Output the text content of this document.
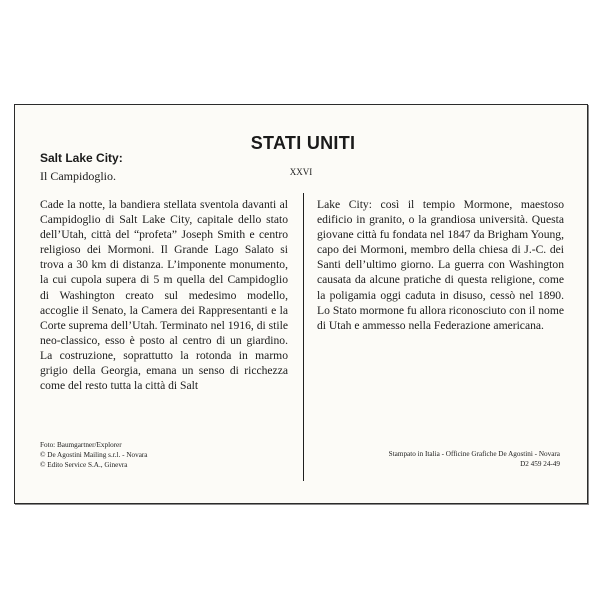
Salt Lake City:

Il Campidoglio.

STATI UNITI

XXVI

Cade la notte, la bandiera stellata sventola davanti al Campidoglio di Salt Lake City, capitale dello stato dell’Utah, città del “profeta” Joseph Smith e centro religioso dei Mormoni. Il Grande Lago Salato si trova a 30 km di distanza. L’imponente monumento, la cui cupola supera di 5 m quella del Campidoglio di Washington creato sul medesimo modello, accoglie il Senato, la Camera dei Rappresentanti e la Corte suprema dell’Utah. Terminato nel 1916, di stile neo-classico, esso è posto al centro di un giardino. La costruzione, soprattutto la rotonda in marmo grigio della Georgia, emana un senso di ricchezza come del resto tutta la città di Salt

Lake City: così il tempio Mormone, maestoso edificio in granito, o la grandiosa università. Questa giovane città fu fondata nel 1847 da Brigham Young, capo dei Mormoni, membro della chiesa di J.-C. dei Santi dell’ultimo giorno. La guerra con Washington causata da alcune pratiche di questa religione, come la poligamia oggi caduta in disuso, cessò nel 1890. Lo Stato mormone fu allora riconosciuto con il nome di Utah e ammesso nella Federazione americana.

Foto: Baumgartner/Explorer
© De Agostini Mailing s.r.l. - Novara
© Edito Service S.A., Ginevra
Stampato in Italia - Officine Grafiche De Agostini - Novara
D2 459 24-49
